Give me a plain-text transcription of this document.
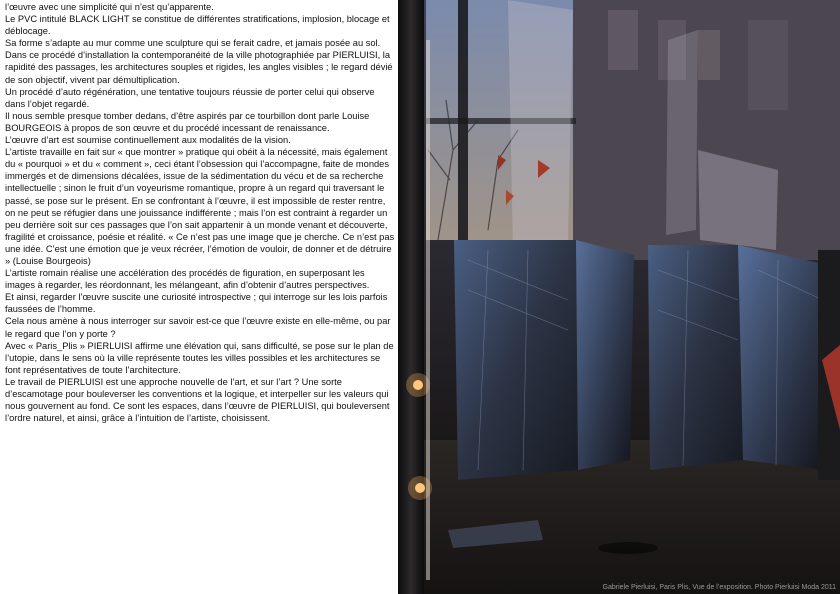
l’œuvre avec une simplicité qui n’est qu’apparente.

Le PVC intitulé BLACK LIGHT se constitue de différentes stratifications, implosion, blocage et déblocage.

Sa forme s’adapte au mur comme une sculpture qui se ferait cadre, et jamais posée au sol.

Dans ce procédé d’installation la contemporanéité de la ville photographiée par PIERLUISI, la rapidité des passages, les architectures souples et rigides, les angles visibles ; le regard dévié de son objectif, vivent par démultiplication.

Un procédé d’auto régénération, une tentative toujours réussie de porter celui qui observe dans l’objet regardé.

Il nous semble presque tomber dedans, d’être aspirés par ce tourbillon dont parle Louise BOURGEOIS à propos de son œuvre et du procédé incessant de renaissance.

L’œuvre d’art est soumise continuellement aux modalités de la vision.

L’artiste travaille en fait sur « que montrer » pratique qui obéit à la nécessité, mais également du « pourquoi » et du « comment », ceci étant l’obsession qui l’accompagne, faite de mondes immergés et de dimensions décalées, issue de la sédimentation du vécu et de sa recherche intellectuelle ; sinon le fruit d’un voyeurisme romantique, propre à un regard qui traversant le passé, se pose sur le présent. En se confrontant à l’œuvre, il est impossible de rester rentre, on ne peut se réfugier dans une jouissance indifférente ; mais l’on est contraint à regarder un peu derrière soit sur ces passages que l’on sait appartenir à un monde venant et découverte, fragilité et croissance, poésie et réalité. « Ce n’est pas une image que je cherche. Ce n’est pas une idée. C’est une émotion que je veux récréer, l’émotion de vouloir, de donner et de détruire » (Louise Bourgeois)

L’artiste romain réalise une accélération des procédés de figuration, en superposant les images à regarder, les réordonnant, les mélangeant, afin d’obtenir d’autres perspectives.

Et ainsi, regarder l’œuvre suscite une curiosité introspective ; qui interroge sur les lois parfois faussées de l’homme.

Cela nous amène à nous interroger sur savoir est-ce que l’œuvre existe en elle-même, ou par le regard que l’on y porte ?

Avec « Paris_Plis » PIERLUISI affirme une élévation qui, sans difficulté, se pose sur le plan de l’utopie, dans le sens où la ville représente toutes les villes possibles et les architectures se font représentatives de toute l’architecture.

Le travail de PIERLUISI est une approche nouvelle de l’art, et sur l’art ? Une sorte d’escamotage pour bouleverser les conventions et la logique, et interpeller sur les valeurs qui nous gouvernent au fond. Ce sont les espaces, dans l’œuvre de PIERLUISI, qui bouleversent l’ordre naturel, et ainsi, grâce à l’intuition de l’artiste, choisissent.

Gabriele Pierluisi, Paris Plis, Vue de l’exposition. Photo Pierluisi Moda 2011
